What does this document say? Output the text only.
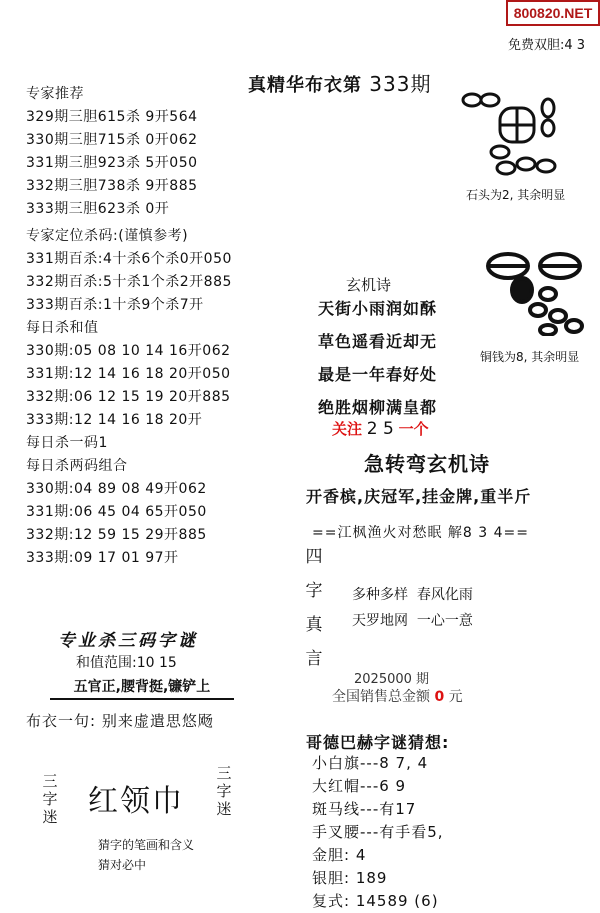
800820.NET
免费双胆:4 3
真精华布衣第 333期
专家推荐
329期三胆615杀 9开564
330期三胆715杀 0开062
331期三胆923杀 5开050
332期三胆738杀 9开885
333期三胆623杀 0开
专家定位杀码:(谨慎参考)
331期百杀:4十杀6个杀0开050
332期百杀:5十杀1个杀2开885
333期百杀:1十杀9个杀7开
每日杀和值
330期:05 08 10 14 16开062
331期:12 14 16 18 20开050
332期:06 12 15 19 20开885
333期:12 14 16 18 20开
每日杀一码1
每日杀两码组合
330期:04 89 08 49开062
331期:06 45 04 65开050
332期:12 59 15 29开885
333期:09 17 01 97开
专业杀三码字谜
和值范围:10 15
五官正,腰背挺,镰铲上
布衣一句: 别来虚遣思悠飏
三
字
迷 红领巾
三
字
迷
猜字的笔画和含义
猜对必中
石头为2, 其余明显
铜钱为8, 其余明显
玄机诗
天街小雨润如酥
草色遥看近却无
最是一年春好处
绝胜烟柳满皇都
关注 2 5 一个
急转弯玄机诗
开香槟,庆冠军,挂金牌,重半斤
==江枫渔火对愁眠 解8 3 4==
四
字
真
言
多种多样  春风化雨
天罗地网  一心一意
2025000 期
全国销售总金额 0 元
哥德巴赫字谜猜想:
小白旗---8 7, 4
大红帽---6 9
斑马线---有17
手叉腰---有手看5,
金胆: 4
银胆: 189
复式: 14589 (6)
